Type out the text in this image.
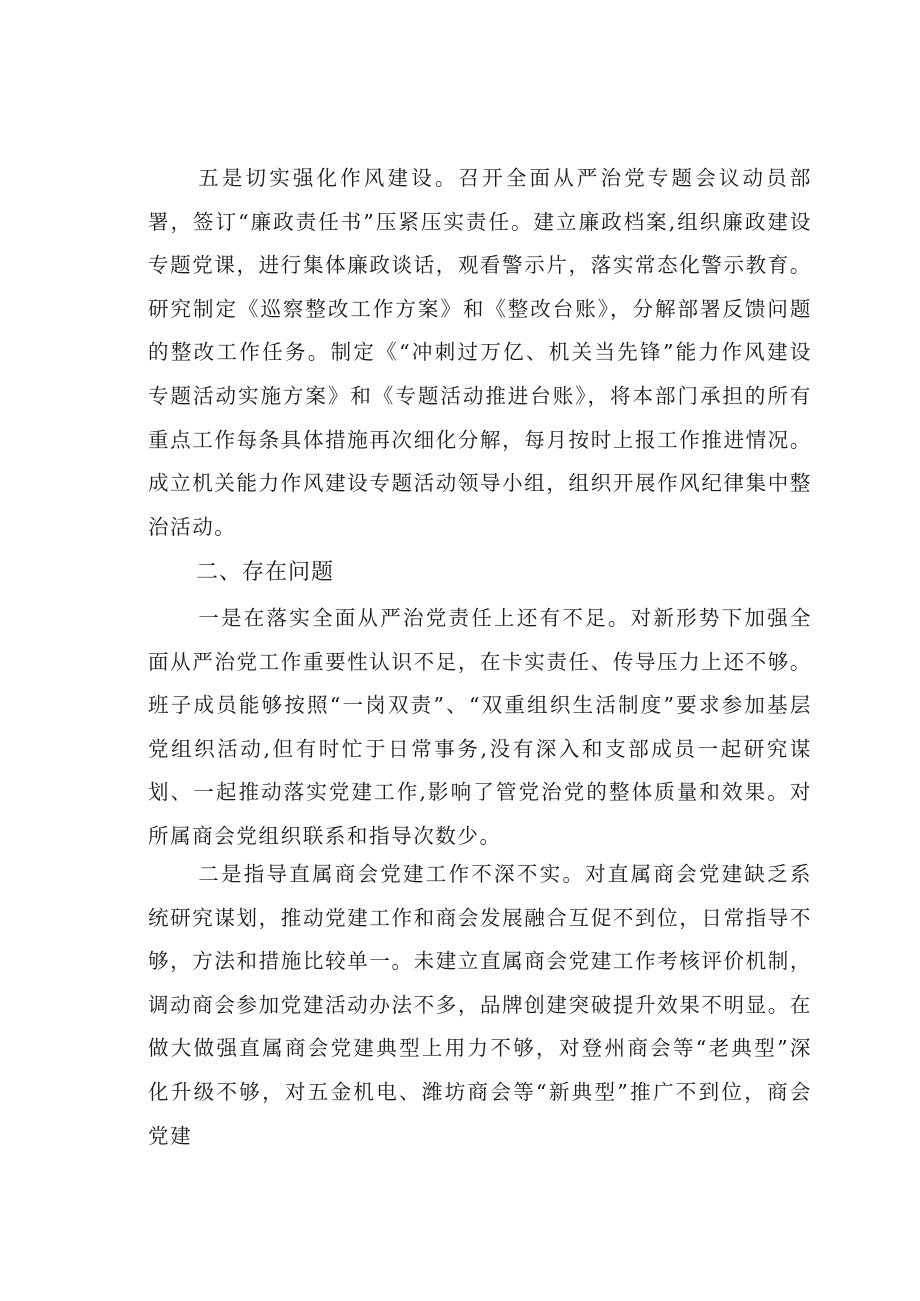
五是切实强化作风建设。召开全面从严治党专题会议动员部署，签订“廉政责任书”压紧压实责任。建立廉政档案,组织廉政建设专题党课，进行集体廉政谈话，观看警示片，落实常态化警示教育。研究制定《巡察整改工作方案》和《整改台账》，分解部署反馈问题的整改工作任务。制定《“冲刺过万亿、机关当先锋”能力作风建设专题活动实施方案》和《专题活动推进台账》，将本部门承担的所有重点工作每条具体措施再次细化分解，每月按时上报工作推进情况。成立机关能力作风建设专题活动领导小组，组织开展作风纪律集中整治活动。

二、存在问题

一是在落实全面从严治党责任上还有不足。对新形势下加强全面从严治党工作重要性认识不足，在卡实责任、传导压力上还不够。班子成员能够按照“一岗双责”、“双重组织生活制度”要求参加基层党组织活动,但有时忙于日常事务,没有深入和支部成员一起研究谋划、一起推动落实党建工作,影响了管党治党的整体质量和效果。对所属商会党组织联系和指导次数少。

二是指导直属商会党建工作不深不实。对直属商会党建缺乏系统研究谋划，推动党建工作和商会发展融合互促不到位，日常指导不够，方法和措施比较单一。未建立直属商会党建工作考核评价机制，调动商会参加党建活动办法不多，品牌创建突破提升效果不明显。在做大做强直属商会党建典型上用力不够，对登州商会等“老典型”深化升级不够，对五金机电、潍坊商会等“新典型”推广不到位，商会党建
